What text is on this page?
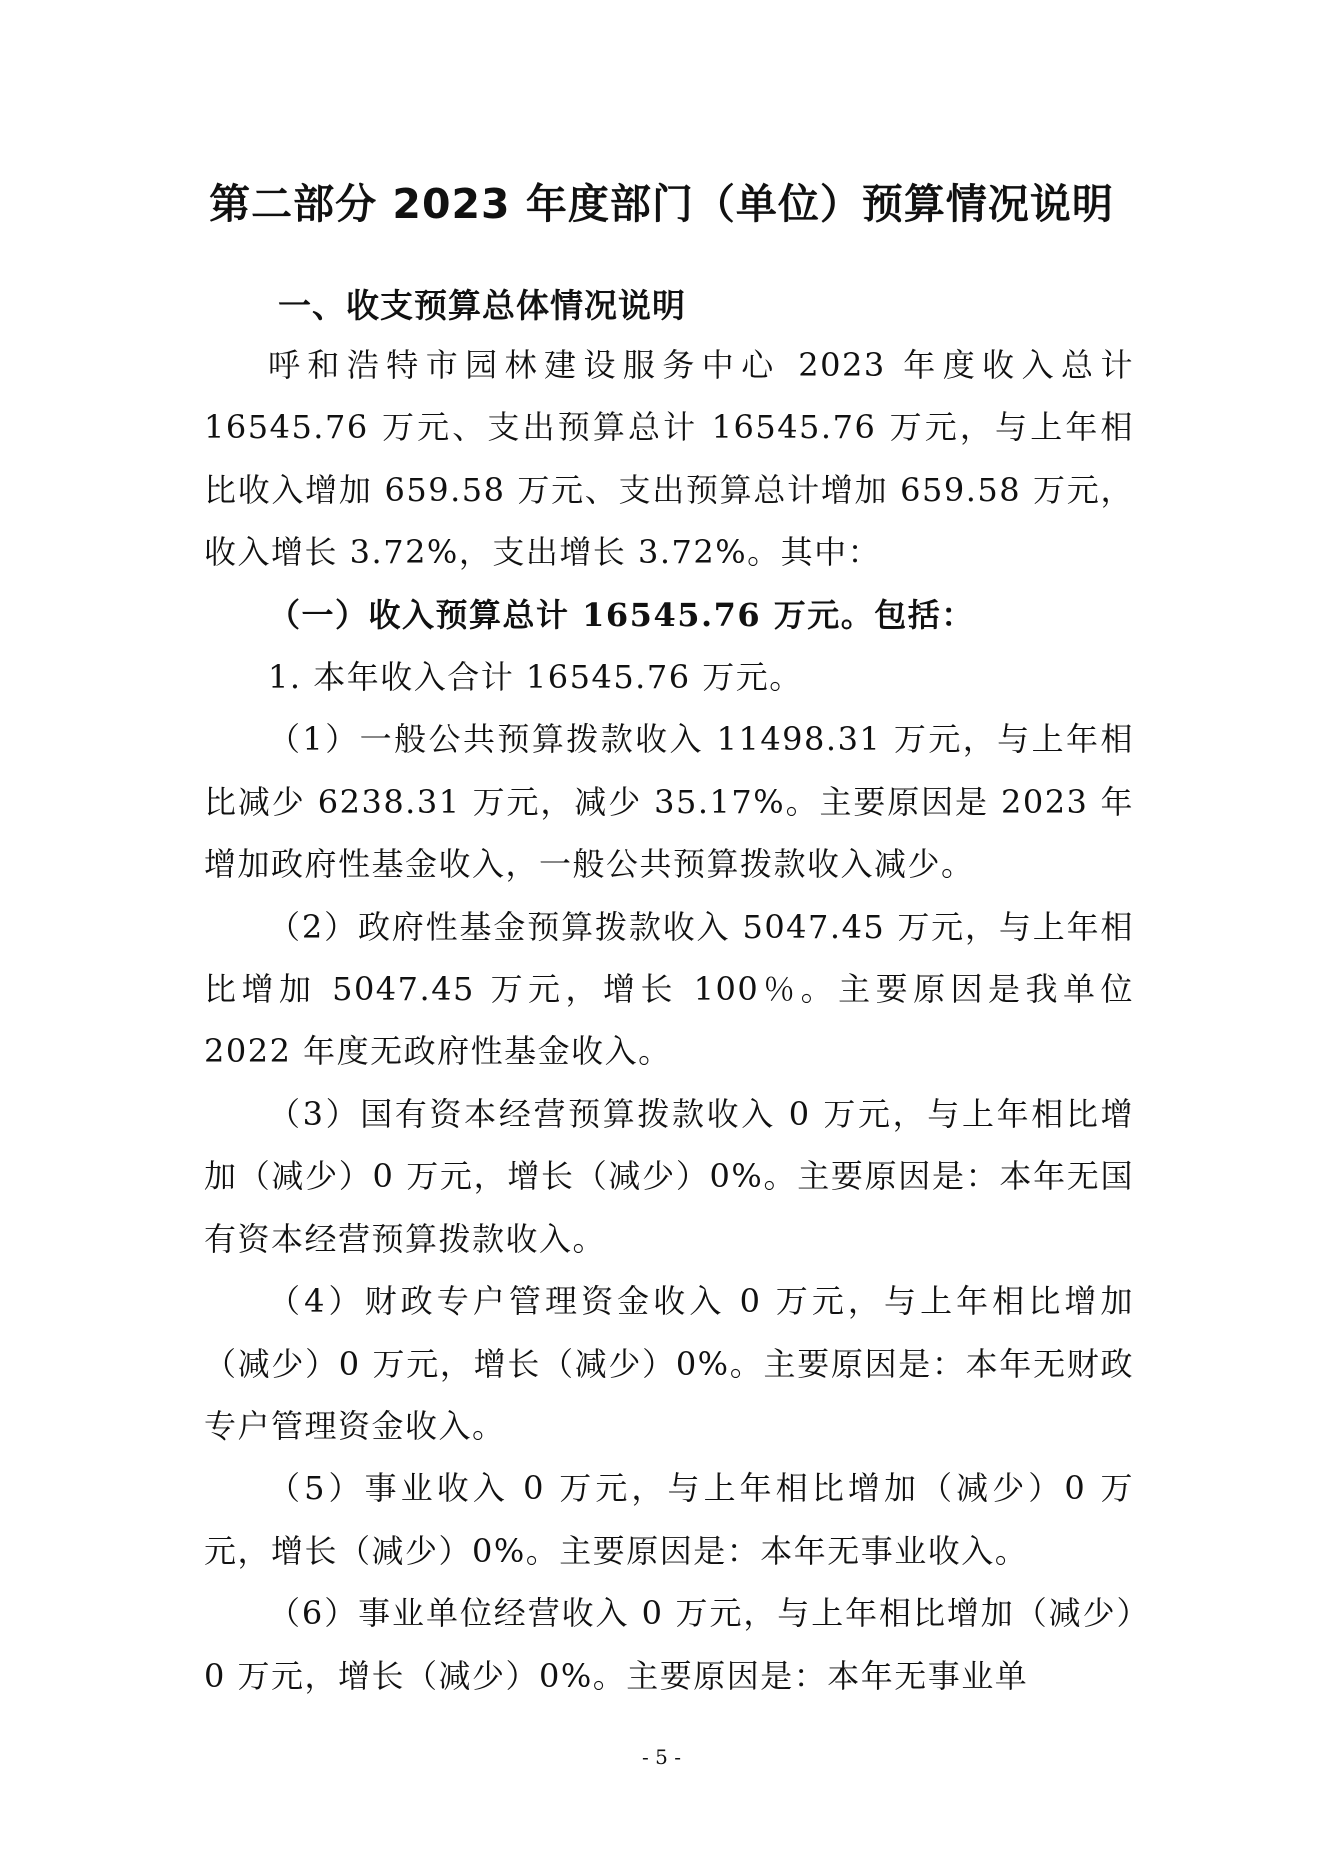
第二部分 2023 年度部门（单位）预算情况说明
一、收支预算总体情况说明

呼和浩特市园林建设服务中心 2023 年度收入总计 16545.76 万元、支出预算总计 16545.76 万元，与上年相比收入增加 659.58 万元、支出预算总计增加 659.58 万元，收入增长 3.72%，支出增长 3.72%。其中：

（一）收入预算总计 16545.76 万元。包括：

1. 本年收入合计 16545.76 万元。

（1）一般公共预算拨款收入 11498.31 万元，与上年相比减少 6238.31 万元，减少 35.17%。主要原因是 2023 年增加政府性基金收入，一般公共预算拨款收入减少。

（2）政府性基金预算拨款收入 5047.45 万元，与上年相比增加 5047.45 万元，增长 100％。主要原因是我单位 2022 年度无政府性基金收入。

（3）国有资本经营预算拨款收入 0 万元，与上年相比增加（减少）0 万元，增长（减少）0%。主要原因是：本年无国有资本经营预算拨款收入。

（4）财政专户管理资金收入 0 万元，与上年相比增加（减少）0 万元，增长（减少）0%。主要原因是：本年无财政专户管理资金收入。

（5）事业收入 0 万元，与上年相比增加（减少）0 万元，增长（减少）0%。主要原因是：本年无事业收入。

（6）事业单位经营收入 0 万元，与上年相比增加（减少）0 万元，增长（减少）0%。主要原因是：本年无事业单

- 5 -
